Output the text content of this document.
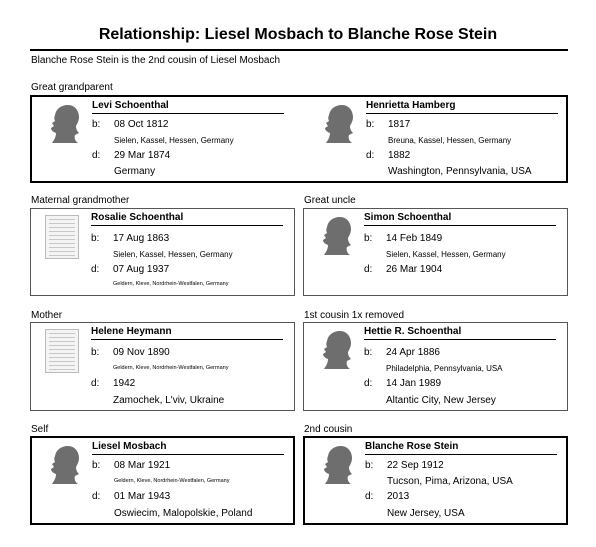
Relationship: Liesel Mosbach to Blanche Rose Stein
Blanche Rose Stein is the 2nd cousin of Liesel Mosbach
Great grandparent
Maternal grandmother	Great uncle
Mother	1st cousin 1x removed
Self	2nd cousin
Levi Schoenthal
b: 08 Oct 1812
Sielen, Kassel, Hessen, Germany
d: 29 Mar 1874
Germany
Henrietta Hamberg
b: 1817
Breuna, Kassel, Hessen, Germany
d: 1882
Washington, Pennsylvania, USA
Rosalie Schoenthal
b: 17 Aug 1863
Sielen, Kassel, Hessen, Germany
d: 07 Aug 1937
Geldern, Kleve, Nordrhein-Westfalen, Germany
Simon Schoenthal
b: 14 Feb 1849
Sielen, Kassel, Hessen, Germany
d: 26 Mar 1904
Helene Heymann
b: 09 Nov 1890
Geldern, Kleve, Nordrhein-Westfalen, Germany
d: 1942
Zamochek, L'viv, Ukraine
Hettie R. Schoenthal
b: 24 Apr 1886
Philadelphia, Pennsylvania, USA
d: 14 Jan 1989
Altantic City, New Jersey
Liesel Mosbach
b: 08 Mar 1921
Geldern, Kleve, Nordrhein-Westfalen, Germany
d: 01 Mar 1943
Oswiecim, Malopolskie, Poland
Blanche Rose Stein
b: 22 Sep 1912
Tucson, Pima, Arizona, USA
d: 2013
New Jersey, USA
